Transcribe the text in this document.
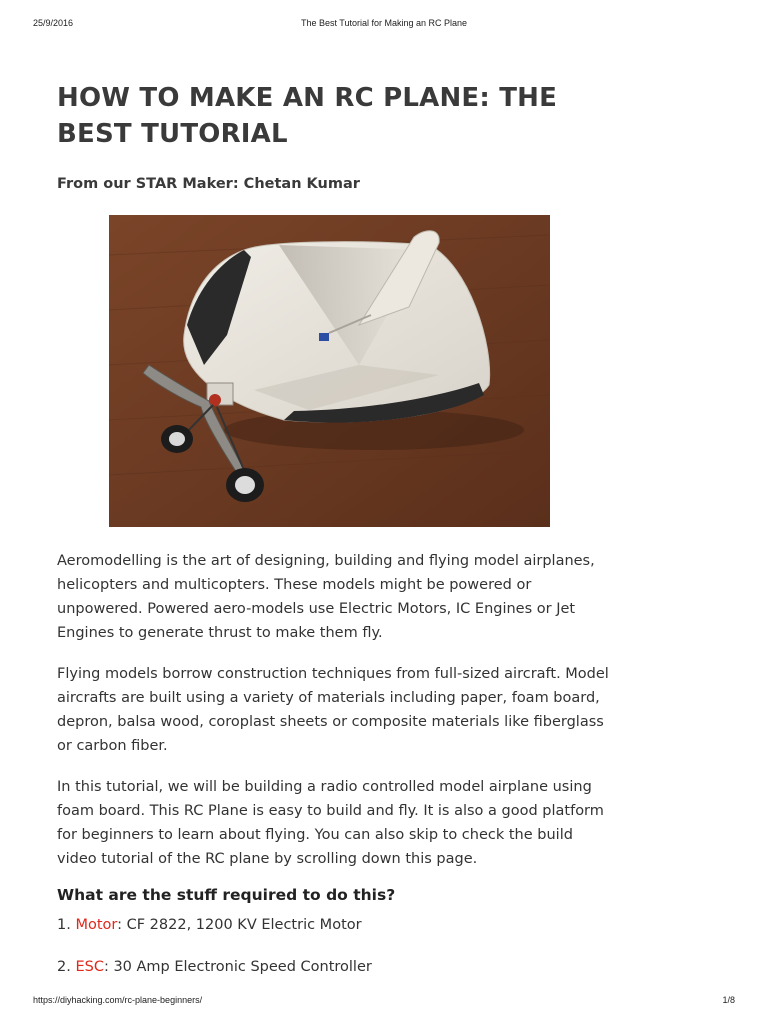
25/9/2016	The Best Tutorial for Making an RC Plane
HOW TO MAKE AN RC PLANE: THE BEST TUTORIAL
From our STAR Maker: Chetan Kumar

Aeromodelling is the art of designing, building and flying model airplanes, helicopters and multicopters. These models might be powered or unpowered. Powered aero-models use Electric Motors, IC Engines or Jet Engines to generate thrust to make them fly.

Flying models borrow construction techniques from full-sized aircraft. Model aircrafts are built using a variety of materials including paper, foam board, depron, balsa wood, coroplast sheets or composite materials like fiberglass or carbon fiber.

In this tutorial, we will be building a radio controlled model airplane using foam board. This RC Plane is easy to build and fly. It is also a good platform for beginners to learn about flying. You can also skip to check the build video tutorial of the RC plane by scrolling down this page.

What are the stuff required to do this?
1. Motor: CF 2822, 1200 KV Electric Motor
2. ESC: 30 Amp Electronic Speed Controller
https://diyhacking.com/rc-plane-beginners/	1/8
